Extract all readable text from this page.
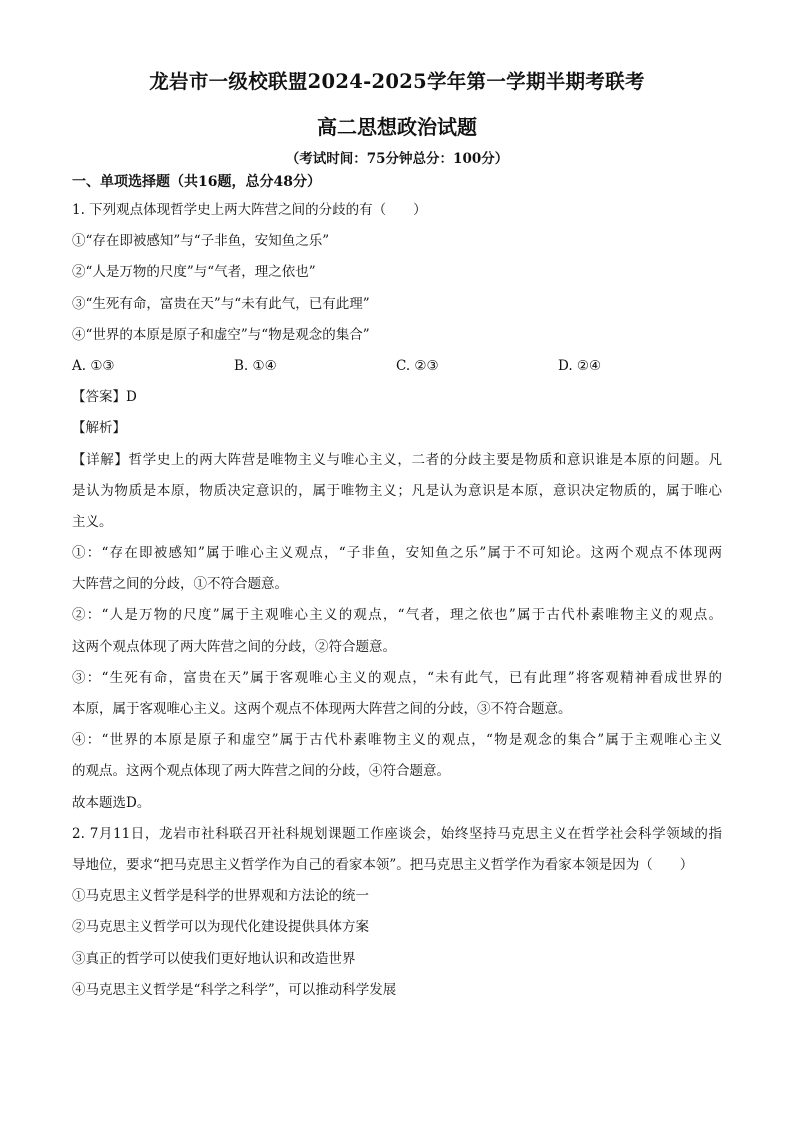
龙岩市一级校联盟2024-2025学年第一学期半期考联考
高二思想政治试题
（考试时间：75分钟总分：100分）
一、单项选择题（共16题，总分48分）
1. 下列观点体现哲学史上两大阵营之间的分歧的有（　　）
①“存在即被感知”与“子非鱼，安知鱼之乐”
②“人是万物的尺度”与“气者，理之依也”
③“生死有命，富贵在天”与“未有此气，已有此理”
④“世界的本原是原子和虚空”与“物是观念的集合”
A. ①③	B. ①④	C. ②③	D. ②④
【答案】D
【解析】
【详解】哲学史上的两大阵营是唯物主义与唯心主义，二者的分歧主要是物质和意识谁是本原的问题。凡
是认为物质是本原，物质决定意识的，属于唯物主义；凡是认为意识是本原，意识决定物质的，属于唯心
主义。
①：“存在即被感知”属于唯心主义观点，“子非鱼，安知鱼之乐”属于不可知论。这两个观点不体现两
大阵营之间的分歧，①不符合题意。
②：“人是万物的尺度”属于主观唯心主义的观点，“气者，理之依也”属于古代朴素唯物主义的观点。
这两个观点体现了两大阵营之间的分歧，②符合题意。
③：“生死有命，富贵在天”属于客观唯心主义的观点，“未有此气，已有此理”将客观精神看成世界的
本原，属于客观唯心主义。这两个观点不体现两大阵营之间的分歧，③不符合题意。
④：“世界的本原是原子和虚空”属于古代朴素唯物主义的观点，“物是观念的集合”属于主观唯心主义
的观点。这两个观点体现了两大阵营之间的分歧，④符合题意。
故本题选D。
2. 7月11日，龙岩市社科联召开社科规划课题工作座谈会，始终坚持马克思主义在哲学社会科学领域的指
导地位，要求“把马克思主义哲学作为自己的看家本领”。把马克思主义哲学作为看家本领是因为（　　）
①马克思主义哲学是科学的世界观和方法论的统一
②马克思主义哲学可以为现代化建设提供具体方案
③真正的哲学可以使我们更好地认识和改造世界
④马克思主义哲学是“科学之科学”，可以推动科学发展
